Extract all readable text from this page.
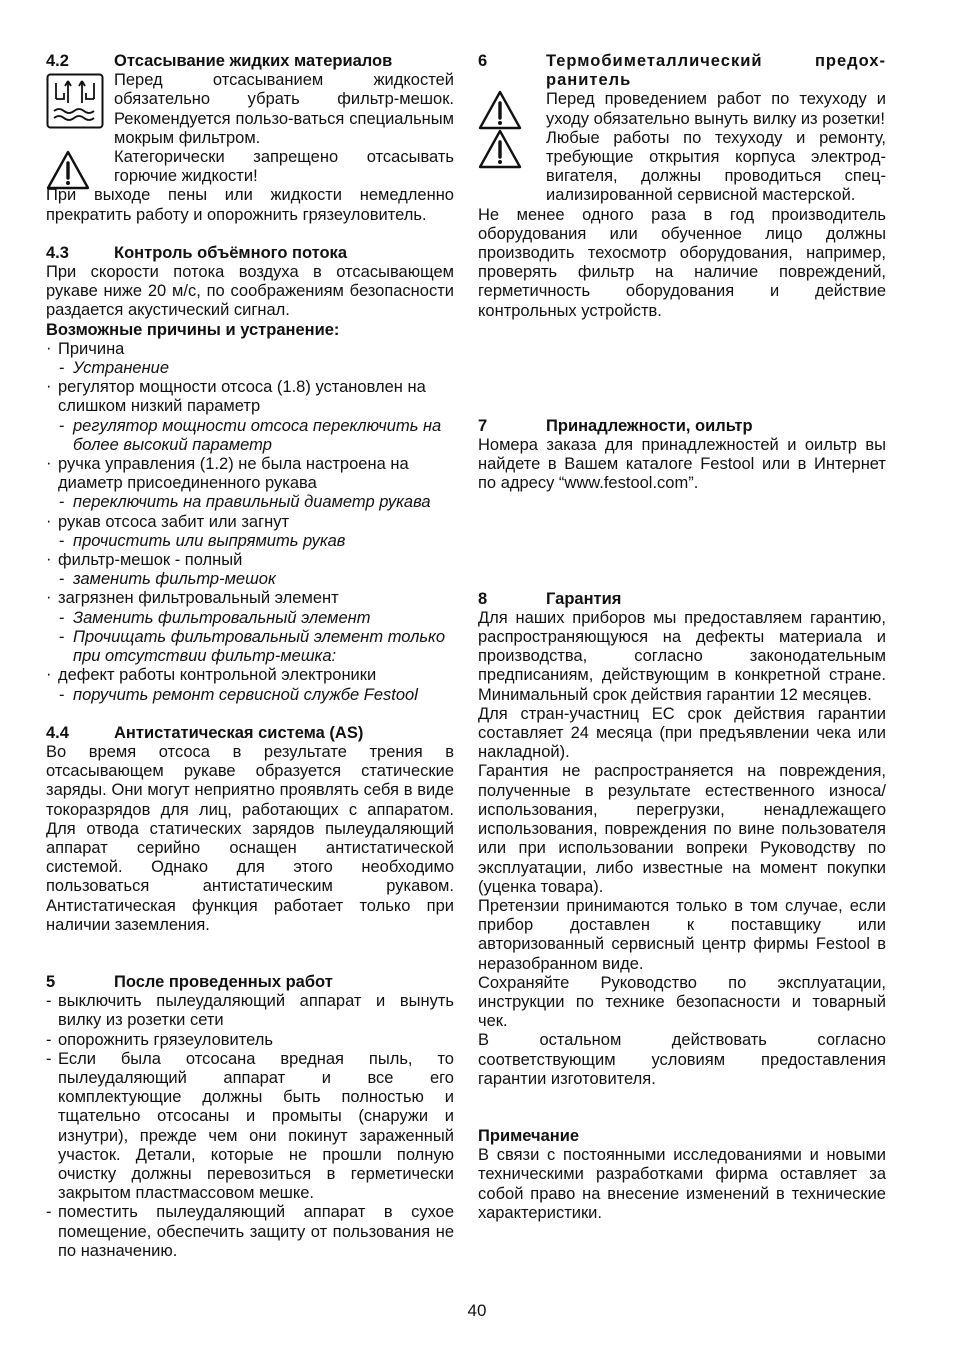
4.2	Отсасывание жидких материалов

Перед отсасыванием жидкостей обязательно убрать фильтр-мешок. Рекомендуется пользо-ваться специальным мокрым фильтром.

Категорически запрещено отсасывать горючие жидкости!

При выходе пены или жидкости немедленно прекратить работу и опорожнить грязеуловитель.

4.3	Контроль объёмного потока

При скорости потока воздуха в отсасывающем рукаве ниже 20 м/с, по соображениям безопасности раздается акустический сигнал.

Возможные причины и устранение:

· Причина
- Устранение
· регулятор мощности отсоса (1.8) установлен на слишком низкий параметр
- регулятор мощности отсоса переключить на более высокий параметр
· ручка управления (1.2) не была настроена на диаметр присоединенного рукава
- переключить на правильный диаметр рукава
· рукав отсоса забит или загнут
- прочистить или выпрямить рукав
· фильтр-мешок - полный
- заменить фильтр-мешок
· загрязнен фильтровальный элемент
- Заменить фильтровальный элемент
- Прочищать фильтровальный элемент только при отсутствии фильтр-мешка:
· дефект работы контрольной электроники
- поручить ремонт сервисной службе Festool
4.4	Антистатическая система (AS)

Во время отсоса в результате трения в отсасывающем рукаве образуется статические заряды. Они могут неприятно проявлять себя в виде токоразрядов для лиц, работающих с аппаратом. Для отвода статических зарядов пылеудаляющий аппарат серийно оснащен антистатической системой. Однако для этого необходимо пользоваться антистатическим рукавом. Антистатическая функция работает только при наличии заземления.

5	После проведенных работ

- выключить пылеудаляющий аппарат и вынуть вилку из розетки сети

- опорожнить грязеуловитель

- Если была отсосана вредная пыль, то пылеудаляющий аппарат и все его комплектующие должны быть полностью и тщательно отсосаны и промыты (снаружи и изнутри), прежде чем они покинут зараженный участок. Детали, которые не прошли полную очистку должны перевозиться в герметически закрытом пластмассовом мешке.

- поместить пылеудаляющий аппарат в сухое помещение, обеспечить защиту от пользования не по назначению.

6	Термобиметаллический предох-ранитель

Перед проведением работ по техуходу и уходу обязательно вынуть вилку из розетки!

Любые работы по техуходу и ремонту, требующие открытия корпуса электрод-вигателя, должны проводиться спец-иализированной сервисной мастерской.

Не менее одного раза в год производитель оборудования или обученное лицо должны производить техосмотр оборудования, например, проверять фильтр на наличие повреждений, герметичность оборудования и действие контрольных устройств.

7	Принадлежности, оильтр

Номера заказа для принадлежностей и оильтр вы найдете в Вашем каталоге Festool или в Интернет по адресу “www.festool.com”.

8	Гарантия

Для наших приборов мы предоставляем гарантию, распространяющуюся на дефекты материала и производства, согласно законодательным предписаниям, действующим в конкретной стране. Минимальный срок действия гарантии 12 месяцев.

Для стран-участниц ЕС срок действия гарантии составляет 24 месяца (при предъявлении чека или накладной).

Гарантия не распространяется на повреждения, полученные в результате естественного износа/ использования, перегрузки, ненадлежащего использования, повреждения по вине пользователя или при использовании вопреки Руководству по эксплуатации, либо известные на момент покупки (уценка товара).

Претензии принимаются только в том случае, если прибор доставлен к поставщику или авторизованный сервисный центр фирмы Festool в неразобранном виде.

Сохраняйте Руководство по эксплуатации, инструкции по технике безопасности и товарный чек.

В остальном действовать согласно соответствующим условиям предоставления гарантии изготовителя.

Примечание

В связи с постоянными исследованиями и новыми техническими разработками фирма оставляет за собой право на внесение изменений в технические характеристики.

40
